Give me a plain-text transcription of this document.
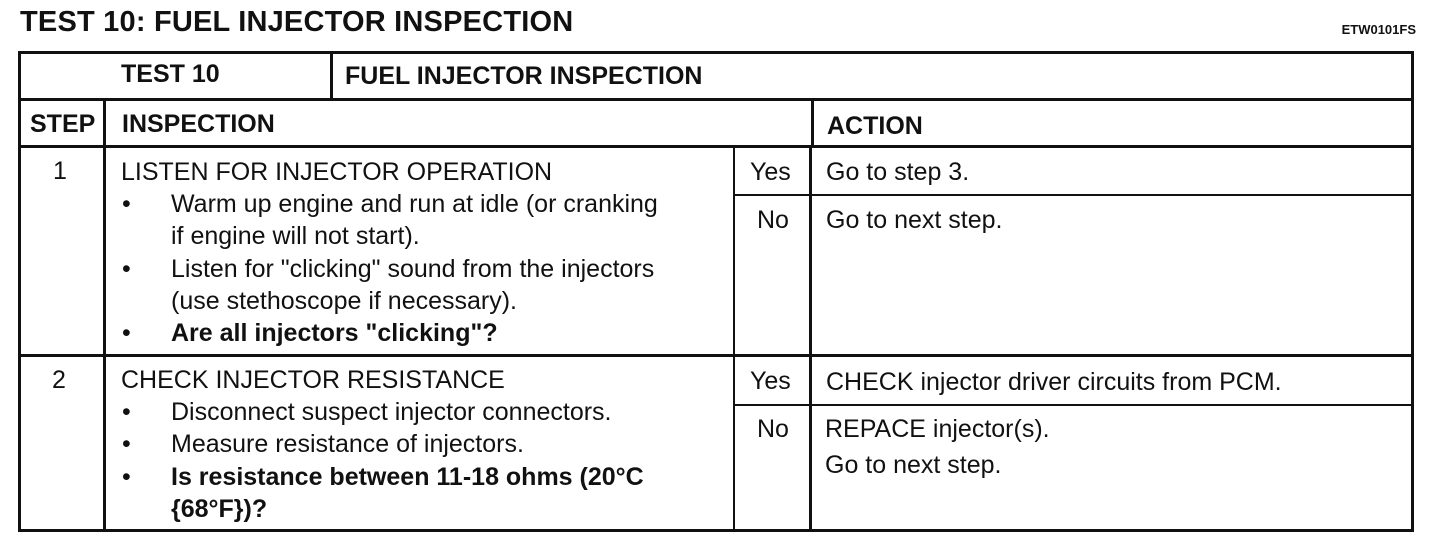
TEST 10: FUEL INJECTOR INSPECTION	ETW0101FS
TEST 10	FUEL INJECTOR INSPECTION
STEP INSPECTION	ACTION
1 LISTEN FOR INJECTOR OPERATION
• Warm up engine and run at idle (or cranking
if engine will not start).
• Listen for "clicking" sound from the injectors
(use stethoscope if necessary).
• Are all injectors "clicking"?
Yes Go to step 3.
No Go to next step.
2 CHECK INJECTOR RESISTANCE
• Disconnect suspect injector connectors.
• Measure resistance of injectors.
• Is resistance between 11-18 ohms (20°C
{68°F})?
Yes CHECK injector driver circuits from PCM.
No REPACE injector(s).
Go to next step.
